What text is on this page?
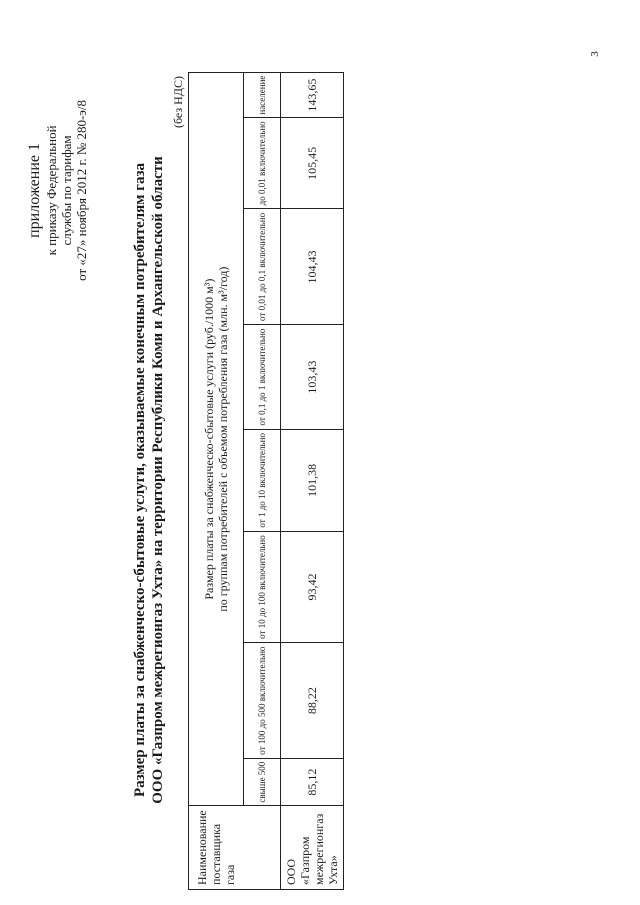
3
приложение 1 к приказу Федеральной службы по тарифам от «27» ноября 2012 г. № 280-э/8	Размер платы за снабженческо-сбытовые услуги, оказываемые конечным потребителям газа ООО «Газпром межрегионгаз Ухта» на территории Республики Коми и Архангельской области
(без НДС)
Наименование поставщика газа	Размер платы за снабженческо-сбытовые услуги (руб./1000 м³) по группам потребителей с объемом потребления газа (млн. м³/год)							

	свыше 500	от 100 до 500 включительно	от 10 до 100 включительно	от 1 до 10 включительно	от 0,1 до 1 включительно	от 0,01 до 0,1 включительно	до 0,01 включительно	население
ООО «Газпром межрегионгаз Ухта»	85,12	88,22	93,42	101,38	103,43	104,43	105,45	143,65
